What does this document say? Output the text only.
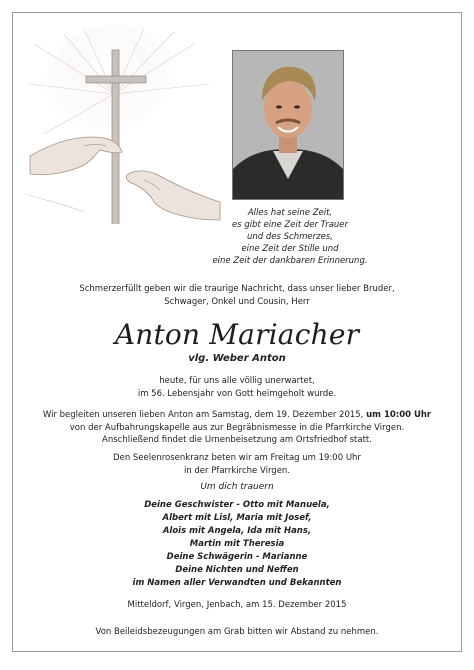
Alles hat seine Zeit,
es gibt eine Zeit der Trauer
und des Schmerzes,
eine Zeit der Stille und
eine Zeit der dankbaren Erinnerung.
Schmerzerfüllt geben wir die traurige Nachricht, dass unser lieber Bruder,
Schwager, Onkel und Cousin, Herr
Anton Mariacher
vlg. Weber Anton
heute, für uns alle völlig unerwartet,
im 56. Lebensjahr von Gott heimgeholt wurde.
Wir begleiten unseren lieben Anton am Samstag, dem 19. Dezember 2015, um 10:00 Uhr
von der Aufbahrungskapelle aus zur Begräbnismesse in die Pfarrkirche Virgen.
Anschließend findet die Urnenbeisetzung am Ortsfriedhof statt.
Den Seelenrosenkranz beten wir am Freitag um 19:00 Uhr
in der Pfarrkirche Virgen.
Um dich trauern
Deine Geschwister - Otto mit Manuela,
Albert mit Lisl, Maria mit Josef,
Alois mit Angela, Ida mit Hans,
Martin mit Theresia
Deine Schwägerin - Marianne
Deine Nichten und Neffen
im Namen aller Verwandten und Bekannten
Mitteldorf, Virgen, Jenbach, am 15. Dezember 2015
Von Beileidsbezeugungen am Grab bitten wir Abstand zu nehmen.
